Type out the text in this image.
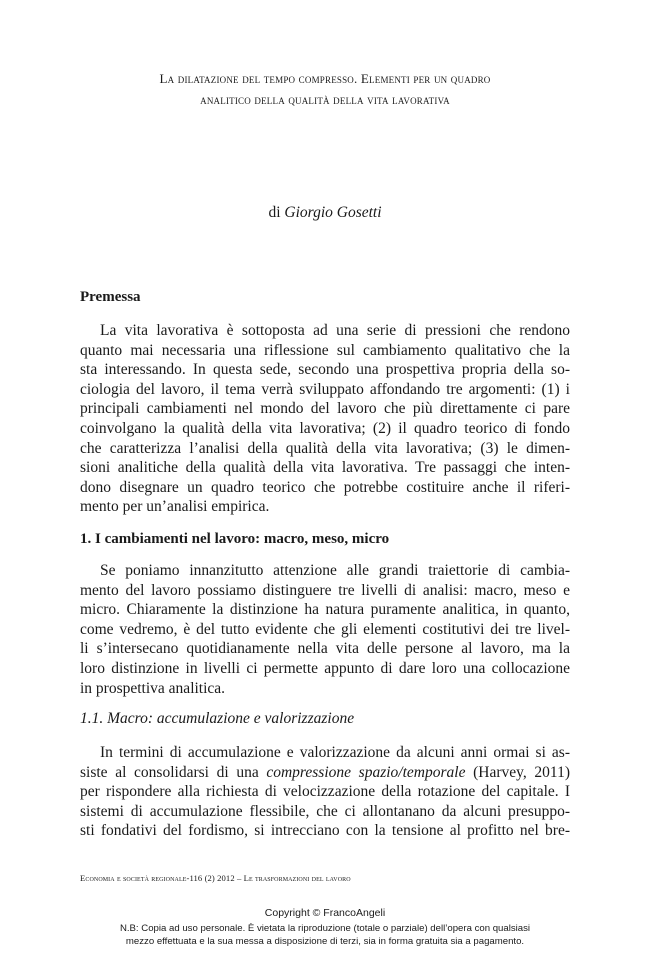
La dilatazione del tempo compresso. Elementi per un quadro
analitico della qualità della vita lavorativa
di Giorgio Gosetti
Premessa
La vita lavorativa è sottoposta ad una serie di pressioni che rendono
quanto mai necessaria una riflessione sul cambiamento qualitativo che la
sta interessando. In questa sede, secondo una prospettiva propria della so-
ciologia del lavoro, il tema verrà sviluppato affondando tre argomenti: (1) i
principali cambiamenti nel mondo del lavoro che più direttamente ci pare
coinvolgano la qualità della vita lavorativa; (2) il quadro teorico di fondo
che caratterizza l’analisi della qualità della vita lavorativa; (3) le dimen-
sioni analitiche della qualità della vita lavorativa. Tre passaggi che inten-
dono disegnare un quadro teorico che potrebbe costituire anche il riferi-
mento per un’analisi empirica.
1. I cambiamenti nel lavoro: macro, meso, micro
Se poniamo innanzitutto attenzione alle grandi traiettorie di cambia-
mento del lavoro possiamo distinguere tre livelli di analisi: macro, meso e
micro. Chiaramente la distinzione ha natura puramente analitica, in quanto,
come vedremo, è del tutto evidente che gli elementi costitutivi dei tre livel-
li s’intersecano quotidianamente nella vita delle persone al lavoro, ma la
loro distinzione in livelli ci permette appunto di dare loro una collocazione
in prospettiva analitica.
1.1. Macro: accumulazione e valorizzazione
In termini di accumulazione e valorizzazione da alcuni anni ormai si as-
siste al consolidarsi di una compressione spazio/temporale (Harvey, 2011)
per rispondere alla richiesta di velocizzazione della rotazione del capitale. I
sistemi di accumulazione flessibile, che ci allontanano da alcuni presuppo-
sti fondativi del fordismo, si intrecciano con la tensione al profitto nel bre-
Economia e società regionale-116 (2) 2012 – Le trasformazioni del lavoro
Copyright © FrancoAngeli
N.B: Copia ad uso personale. È vietata la riproduzione (totale o parziale) dell’opera con qualsiasi
mezzo effettuata e la sua messa a disposizione di terzi, sia in forma gratuita sia a pagamento.
